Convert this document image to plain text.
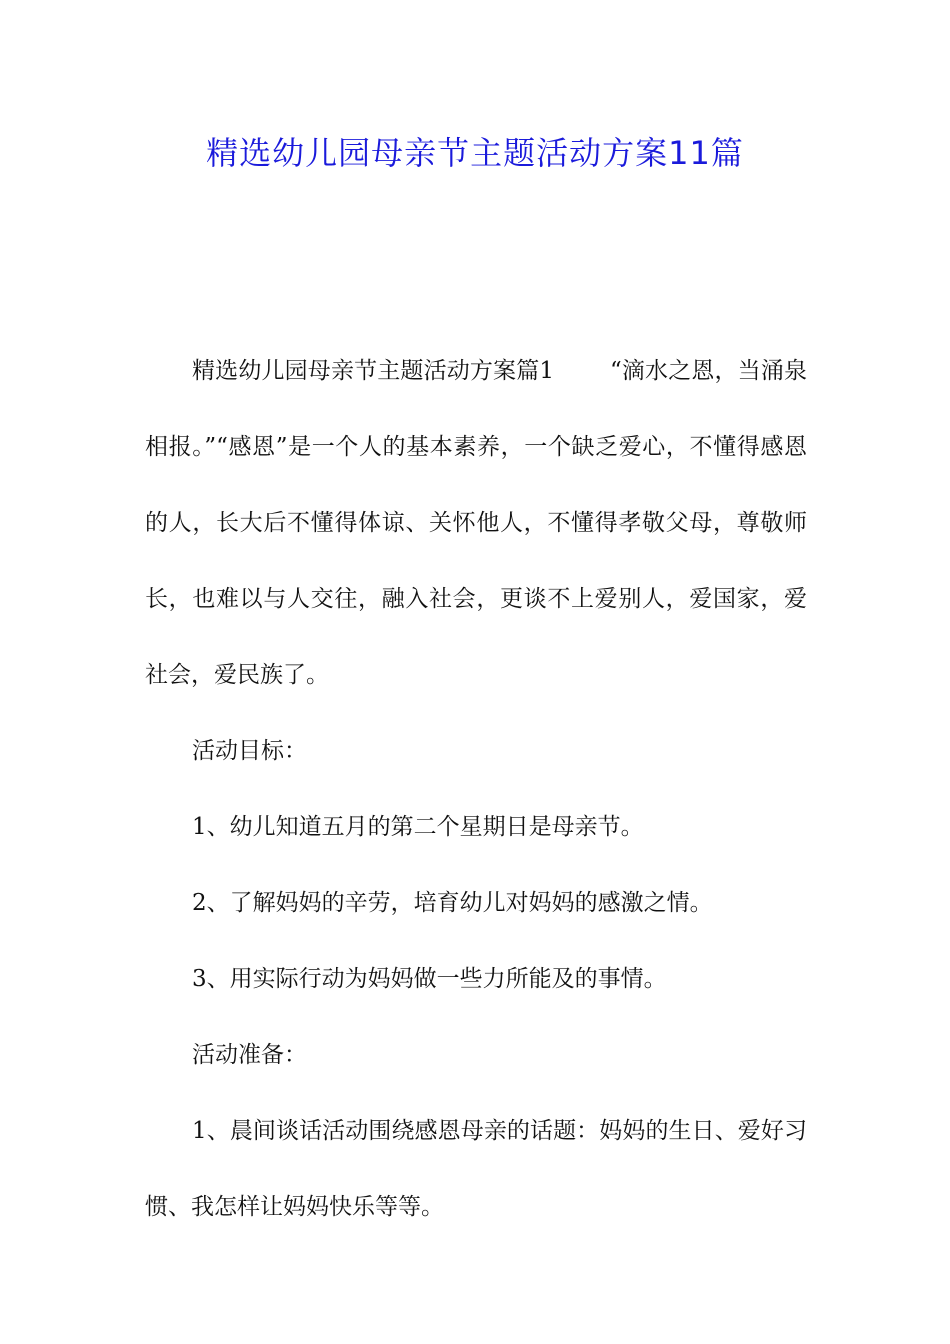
精选幼儿园母亲节主题活动方案11篇

精选幼儿园母亲节主题活动方案篇1 “滴水之恩，当涌泉相报。”“感恩”是一个人的基本素养，一个缺乏爱心，不懂得感恩的人，长大后不懂得体谅、关怀他人，不懂得孝敬父母，尊敬师长，也难以与人交往，融入社会，更谈不上爱别人，爱国家，爱社会，爱民族了。

活动目标：

1、幼儿知道五月的第二个星期日是母亲节。

2、了解妈妈的辛劳，培育幼儿对妈妈的感激之情。

3、用实际行动为妈妈做一些力所能及的事情。

活动准备：

1、晨间谈话活动围绕感恩母亲的话题：妈妈的生日、爱好习惯、我怎样让妈妈快乐等等。
